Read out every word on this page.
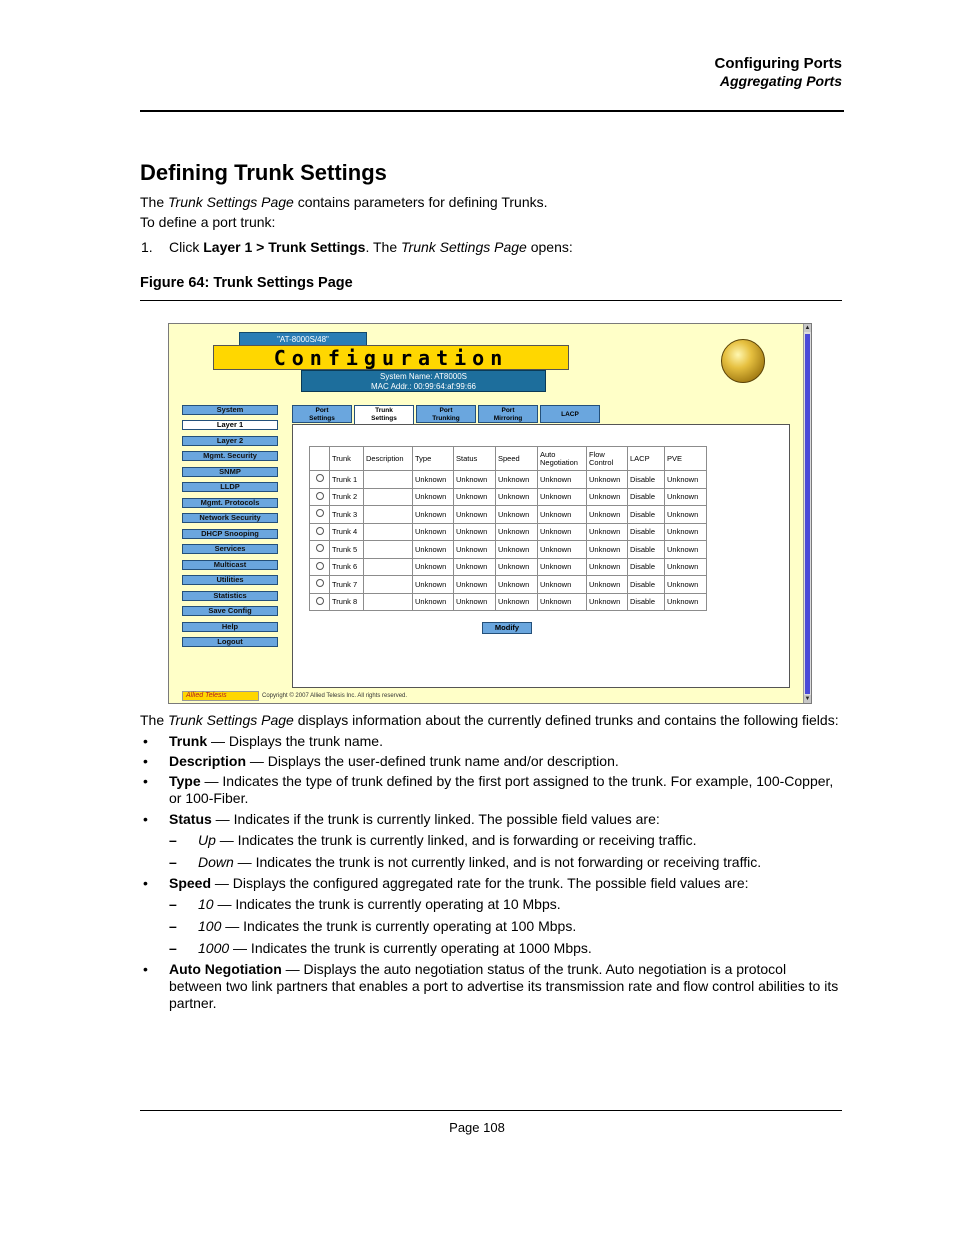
Configuring Ports
Aggregating Ports
Defining Trunk Settings
The Trunk Settings Page contains parameters for defining Trunks.
To define a port trunk:
1. Click Layer 1 > Trunk Settings. The Trunk Settings Page opens:
Figure 64: Trunk Settings Page
"AT-8000S/48"
Configuration
System Name: AT8000S
MAC Addr.: 00:99:64:af:99:66
System
Layer 1
Layer 2
Mgmt. Security
SNMP
LLDP
Mgmt. Protocols
Network Security
DHCP Snooping
Services
Multicast
Utilities
Statistics
Save Config
Help
Logout
Port
Settings
Trunk
Settings
Port
Trunking
Port
Mirroring	LACP
	Trunk	Description	Type	Status	Speed	Auto Negotiation	Flow Control	LACP	PVE
	Trunk 1		Unknown	Unknown	Unknown	Unknown	Unknown	Disable	Unknown
	Trunk 2		Unknown	Unknown	Unknown	Unknown	Unknown	Disable	Unknown
	Trunk 3		Unknown	Unknown	Unknown	Unknown	Unknown	Disable	Unknown
	Trunk 4		Unknown	Unknown	Unknown	Unknown	Unknown	Disable	Unknown
	Trunk 5		Unknown	Unknown	Unknown	Unknown	Unknown	Disable	Unknown
	Trunk 6		Unknown	Unknown	Unknown	Unknown	Unknown	Disable	Unknown
	Trunk 7		Unknown	Unknown	Unknown	Unknown	Unknown	Disable	Unknown
	Trunk 8		Unknown	Unknown	Unknown	Unknown	Unknown	Disable	Unknown
Modify
Allied Telesis	Copyright © 2007 Allied Telesis Inc. All rights reserved.
▲
▼
The Trunk Settings Page displays information about the currently defined trunks and contains the following fields:
• Trunk — Displays the trunk name.
• Description — Displays the user-defined trunk name and/or description.
• Type — Indicates the type of trunk defined by the first port assigned to the trunk. For example, 100-Copper, or 100-Fiber.
• Status — Indicates if the trunk is currently linked. The possible field values are:
– Up — Indicates the trunk is currently linked, and is forwarding or receiving traffic.
– Down — Indicates the trunk is not currently linked, and is not forwarding or receiving traffic.
• Speed — Displays the configured aggregated rate for the trunk. The possible field values are:
– 10 — Indicates the trunk is currently operating at 10 Mbps.
– 100 — Indicates the trunk is currently operating at 100 Mbps.
– 1000 — Indicates the trunk is currently operating at 1000 Mbps.
• Auto Negotiation — Displays the auto negotiation status of the trunk. Auto negotiation is a protocol between two link partners that enables a port to advertise its transmission rate and flow control abilities to its partner.
Page 108
